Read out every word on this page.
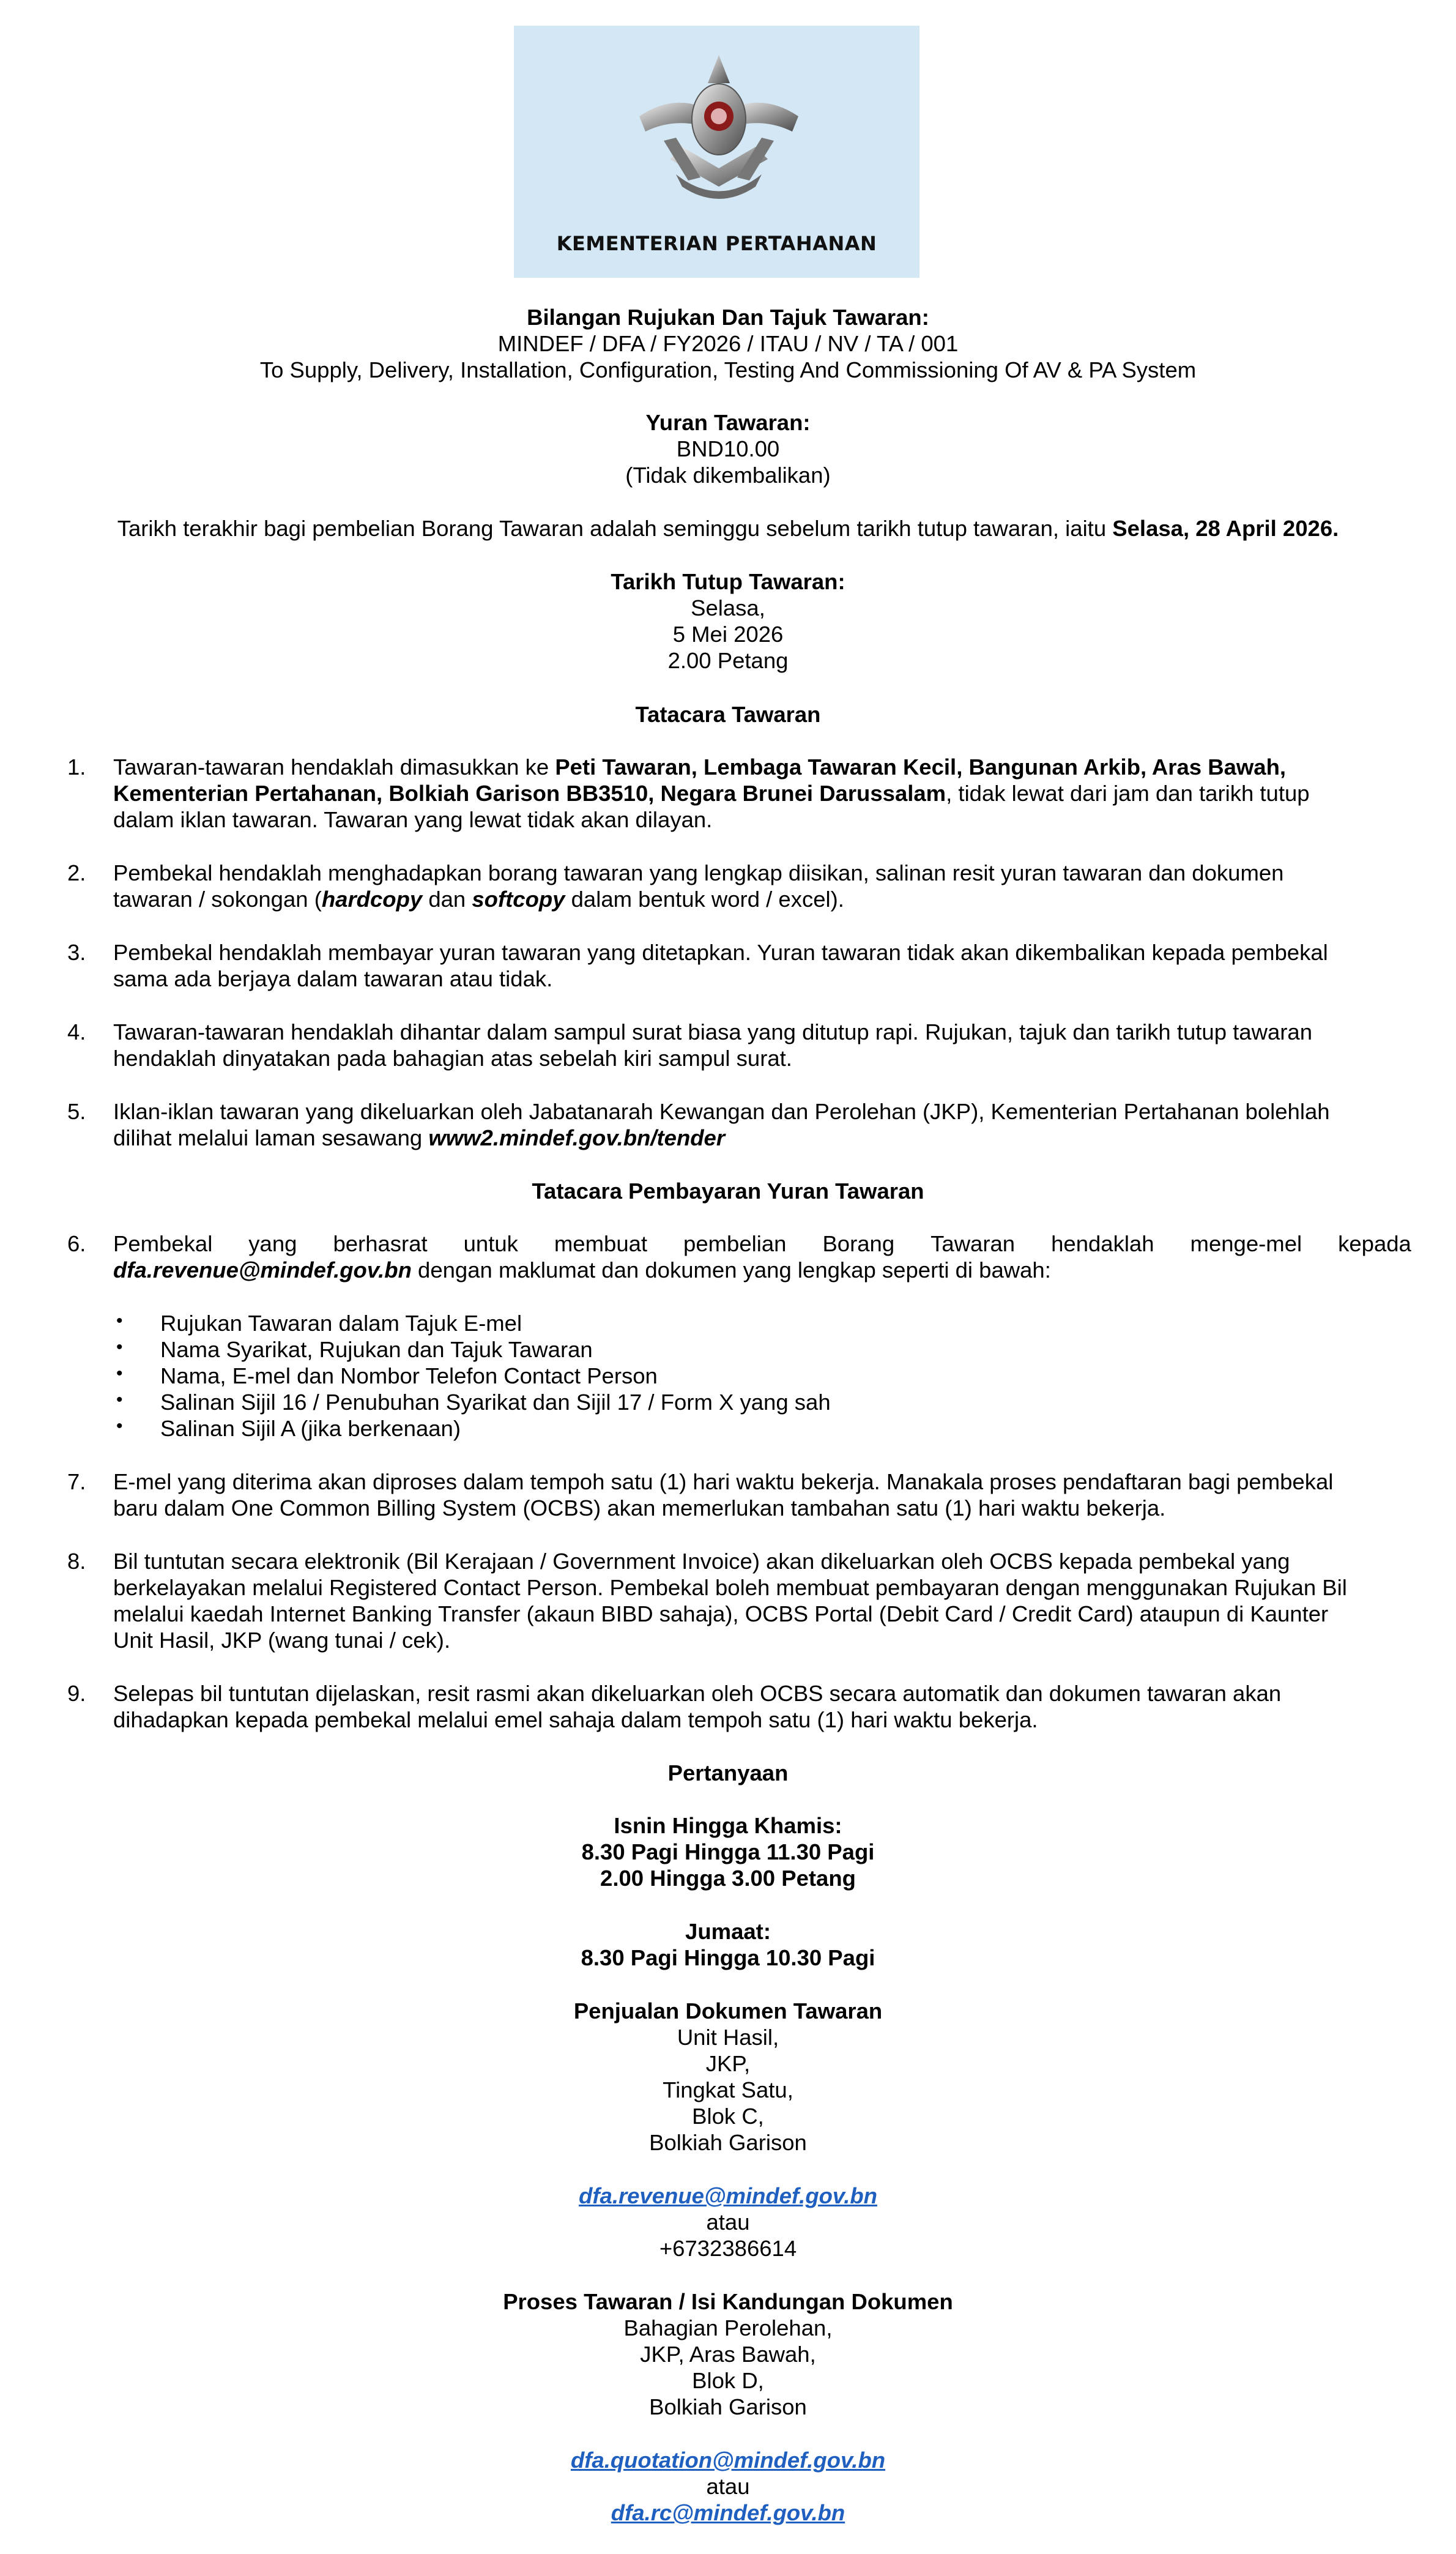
KEMENTERIAN PERTAHANAN
Bilangan Rujukan Dan Tajuk Tawaran:
MINDEF / DFA / FY2026 / ITAU / NV / TA / 001
To Supply, Delivery, Installation, Configuration, Testing And Commissioning Of AV & PA System
Yuran Tawaran:
BND10.00
(Tidak dikembalikan)
Tarikh terakhir bagi pembelian Borang Tawaran adalah seminggu sebelum tarikh tutup tawaran, iaitu Selasa, 28 April 2026.
Tarikh Tutup Tawaran:
Selasa,
5 Mei 2026
2.00 Petang
Tatacara Tawaran
1. Tawaran-tawaran hendaklah dimasukkan ke Peti Tawaran, Lembaga Tawaran Kecil, Bangunan Arkib, Aras Bawah,
Kementerian Pertahanan, Bolkiah Garison BB3510, Negara Brunei Darussalam, tidak lewat dari jam dan tarikh tutup
dalam iklan tawaran. Tawaran yang lewat tidak akan dilayan.
2. Pembekal hendaklah menghadapkan borang tawaran yang lengkap diisikan, salinan resit yuran tawaran dan dokumen
tawaran / sokongan (hardcopy dan softcopy dalam bentuk word / excel).
3. Pembekal hendaklah membayar yuran tawaran yang ditetapkan. Yuran tawaran tidak akan dikembalikan kepada pembekal
sama ada berjaya dalam tawaran atau tidak.
4. Tawaran-tawaran hendaklah dihantar dalam sampul surat biasa yang ditutup rapi. Rujukan, tajuk dan tarikh tutup tawaran
hendaklah dinyatakan pada bahagian atas sebelah kiri sampul surat.
5. Iklan-iklan tawaran yang dikeluarkan oleh Jabatanarah Kewangan dan Perolehan (JKP), Kementerian Pertahanan bolehlah
dilihat melalui laman sesawang www2.mindef.gov.bn/tender
Tatacara Pembayaran Yuran Tawaran
6. Pembekal yang berhasrat untuk membuat pembelian Borang Tawaran hendaklah menge-mel kepada
dfa.revenue@mindef.gov.bn dengan maklumat dan dokumen yang lengkap seperti di bawah:
• Rujukan Tawaran dalam Tajuk E-mel
• Nama Syarikat, Rujukan dan Tajuk Tawaran
• Nama, E-mel dan Nombor Telefon Contact Person
• Salinan Sijil 16 / Penubuhan Syarikat dan Sijil 17 / Form X yang sah
• Salinan Sijil A (jika berkenaan)
7. E-mel yang diterima akan diproses dalam tempoh satu (1) hari waktu bekerja. Manakala proses pendaftaran bagi pembekal
baru dalam One Common Billing System (OCBS) akan memerlukan tambahan satu (1) hari waktu bekerja.
8. Bil tuntutan secara elektronik (Bil Kerajaan / Government Invoice) akan dikeluarkan oleh OCBS kepada pembekal yang
berkelayakan melalui Registered Contact Person. Pembekal boleh membuat pembayaran dengan menggunakan Rujukan Bil
melalui kaedah Internet Banking Transfer (akaun BIBD sahaja), OCBS Portal (Debit Card / Credit Card) ataupun di Kaunter
Unit Hasil, JKP (wang tunai / cek).
9. Selepas bil tuntutan dijelaskan, resit rasmi akan dikeluarkan oleh OCBS secara automatik dan dokumen tawaran akan
dihadapkan kepada pembekal melalui emel sahaja dalam tempoh satu (1) hari waktu bekerja.
Pertanyaan
Isnin Hingga Khamis:
8.30 Pagi Hingga 11.30 Pagi
2.00 Hingga 3.00 Petang
Jumaat:
8.30 Pagi Hingga 10.30 Pagi
Penjualan Dokumen Tawaran
Unit Hasil,
JKP,
Tingkat Satu,
Blok C,
Bolkiah Garison
dfa.revenue@mindef.gov.bn
atau
+6732386614
Proses Tawaran / Isi Kandungan Dokumen
Bahagian Perolehan,
JKP, Aras Bawah,
Blok D,
Bolkiah Garison
dfa.quotation@mindef.gov.bn
atau
dfa.rc@mindef.gov.bn
